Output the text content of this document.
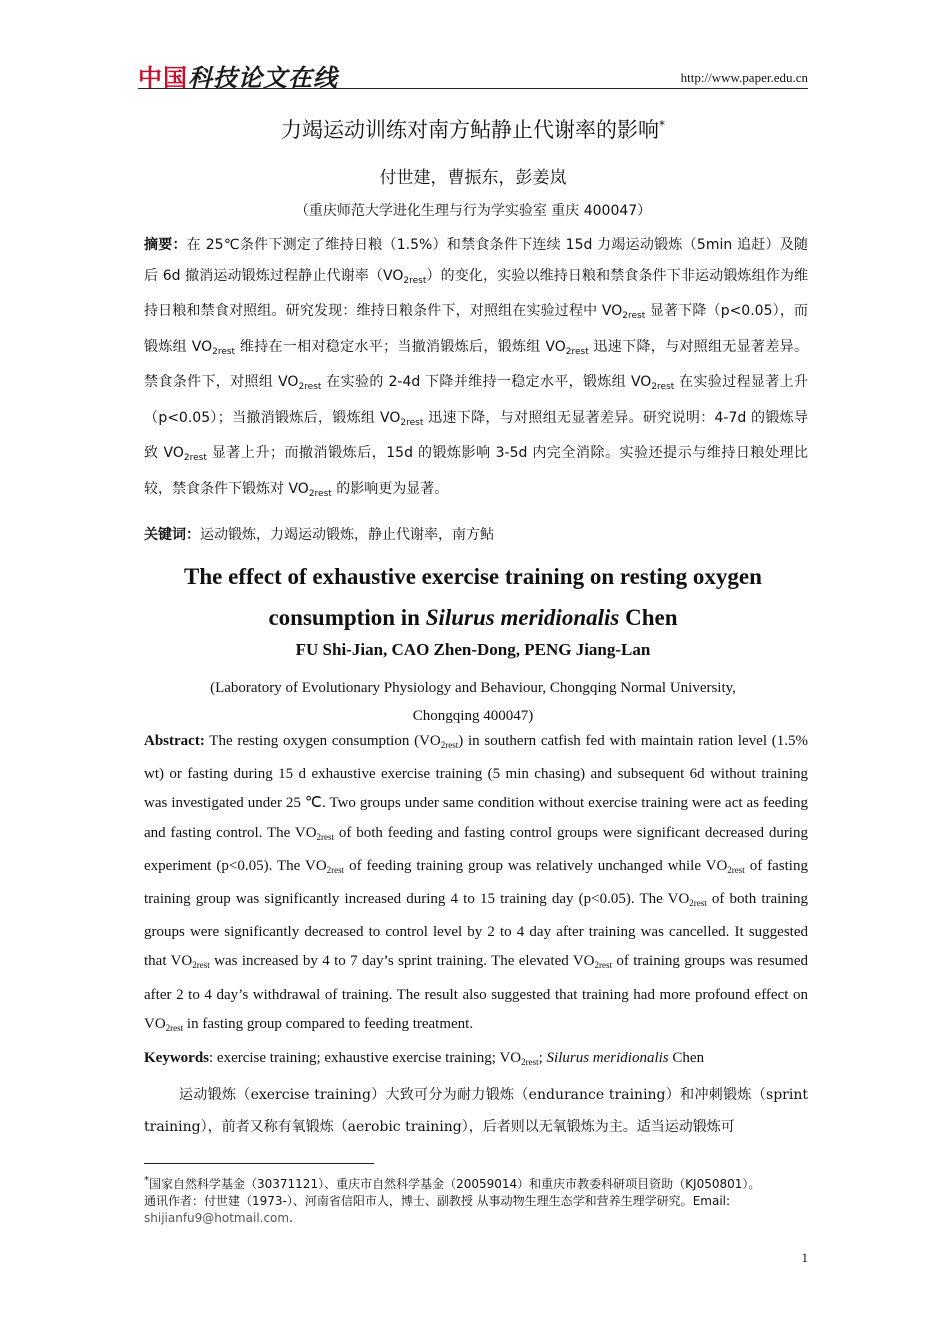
中国科技论文在线	http://www.paper.edu.cn
力竭运动训练对南方鲇静止代谢率的影响*
付世建，曹振东，彭姜岚
（重庆师范大学进化生理与行为学实验室 重庆 400047）
摘要：在 25℃条件下测定了维持日粮（1.5%）和禁食条件下连续 15d 力竭运动锻炼（5min 追赶）及随后 6d 撤消运动锻炼过程静止代谢率$(VO_{2rest})$的变化，实验以维持日粮和禁食条件下非运动锻炼组作为维持日粮和禁食对照组。研究发现：维持日粮条件下，对照组在实验过程中 $VO_{2rest}$ 显著下降（p<0.05），而锻炼组 $VO_{2rest}$ 维持在一相对稳定水平；当撤消锻炼后，锻炼组 $VO_{2rest}$ 迅速下降，与对照组无显著差异。禁食条件下，对照组 $VO_{2rest}$ 在实验的 2-4d 下降并维持一稳定水平，锻炼组 $VO_{2rest}$ 在实验过程显著上升（p<0.05）；当撤消锻炼后，锻炼组 $VO_{2rest}$ 迅速下降，与对照组无显著差异。研究说明：4-7d 的锻炼导致 $VO_{2rest}$ 显著上升；而撤消锻炼后，15d 的锻炼影响 3-5d 内完全消除。实验还提示与维持日粮处理比较，禁食条件下锻炼对 $VO_{2rest}$ 的影响更为显著。
关键词：运动锻炼，力竭运动锻炼，静止代谢率，南方鲇
The effect of exhaustive exercise training on resting oxygen consumption in Silurus meridionalis Chen
FU Shi-Jian, CAO Zhen-Dong, PENG Jiang-Lan
(Laboratory of Evolutionary Physiology and Behaviour, Chongqing Normal University,
Chongqing 400047)
Abstract: The resting oxygen consumption $(VO_{2rest})$ in southern catfish fed with maintain ration level (1.5% wt) or fasting during 15 d exhaustive exercise training (5 min chasing) and subsequent 6d without training was investigated under 25 ℃. Two groups under same condition without exercise training were act as feeding and fasting control. The $VO_{2rest}$ of both feeding and fasting control groups were significant decreased during experiment (p<0.05). The $VO_{2rest}$ of feeding training group was relatively unchanged while $VO_{2rest}$ of fasting training group was significantly increased during 4 to 15 training day (p<0.05). The $VO_{2rest}$ of both training groups were significantly decreased to control level by 2 to 4 day after training was cancelled. It suggested that $VO_{2rest}$ was increased by 4 to 7 day’s sprint training. The elevated $VO_{2rest}$ of training groups was resumed after 2 to 4 day’s withdrawal of training. The result also suggested that training had more profound effect on $VO_{2rest}$ in fasting group compared to feeding treatment.
Keywords: exercise training; exhaustive exercise training; $VO_{2rest}$; Silurus meridionalis Chen
运动锻炼（exercise training）大致可分为耐力锻炼（endurance training）和冲刺锻炼（sprint training），前者又称有氧锻炼（aerobic training），后者则以无氧锻炼为主。适当运动锻炼可
*国家自然科学基金（30371121）、重庆市自然科学基金（20059014）和重庆市教委科研项目资助（KJ050801）。
通讯作者：付世建（1973-）、河南省信阳市人，博士、副教授 从事动物生理生态学和营养生理学研究。Email: shijianfu9@hotmail.com.
1
